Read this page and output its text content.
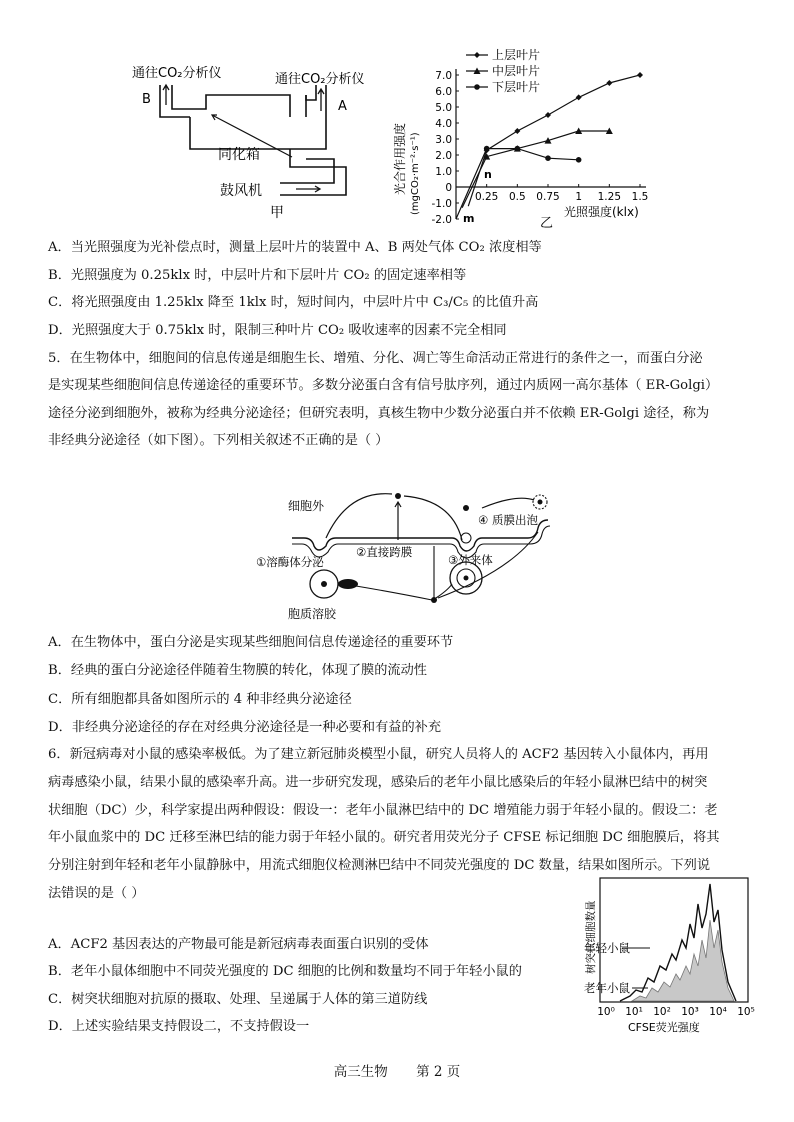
通往CO₂分析仪	通往CO₂分析仪
B	A
同化箱
鼓风机
甲
光合作用强度 (mgCO₂·m⁻²·s⁻¹)
7.0
6.0
5.0
4.0
3.0
2.0
1.0
0
-1.0
-2.0
0.25 0.5 0.75 1 1.25 1.5
上层叶片
中层叶片
下层叶片
m
n
光照强度(klx)
乙
A．当光照强度为光补偿点时，测量上层叶片的装置中 A、B 两处气体 CO₂ 浓度相等
B．光照强度为 0.25klx 时，中层叶片和下层叶片 CO₂ 的固定速率相等
C．将光照强度由 1.25klx 降至 1klx 时，短时间内，中层叶片中 C₃/C₅ 的比值升高
D．光照强度大于 0.75klx 时，限制三种叶片 CO₂ 吸收速率的因素不完全相同
5．在生物体中，细胞间的信息传递是细胞生长、增殖、分化、凋亡等生命活动正常进行的条件之一，而蛋白分泌
是实现某些细胞间信息传递途径的重要环节。多数分泌蛋白含有信号肽序列，通过内质网一高尔基体（ ER-Golgi）
途径分泌到细胞外，被称为经典分泌途径；但研究表明，真核生物中少数分泌蛋白并不依赖 ER-Golgi 途径，称为
非经典分泌途径（如下图）。下列相关叙述不正确的是（ ）
细胞外
①溶酶体分泌
②直接跨膜
③外来体
④ 质膜出泡
胞质溶胶
A．在生物体中，蛋白分泌是实现某些细胞间信息传递途径的重要环节
B．经典的蛋白分泌途径伴随着生物膜的转化，体现了膜的流动性
C．所有细胞都具备如图所示的 4 种非经典分泌途径
D．非经典分泌途径的存在对经典分泌途径是一种必要和有益的补充
6．新冠病毒对小鼠的感染率极低。为了建立新冠肺炎模型小鼠，研究人员将人的 ACF2 基因转入小鼠体内，再用
病毒感染小鼠，结果小鼠的感染率升高。进一步研究发现，感染后的老年小鼠比感染后的年轻小鼠淋巴结中的树突
状细胞（DC）少，科学家提出两种假设：假设一：老年小鼠淋巴结中的 DC 增殖能力弱于年轻小鼠的。假设二：老
年小鼠血浆中的 DC 迁移至淋巴结的能力弱于年轻小鼠的。研究者用荧光分子 CFSE 标记细胞 DC 细胞膜后，将其
分别注射到年轻和老年小鼠静脉中，用流式细胞仪检测淋巴结中不同荧光强度的 DC 数量，结果如图所示。下列说
法错误的是（ ）
A．ACF2 基因表达的产物最可能是新冠病毒表面蛋白识别的受体
B．老年小鼠体细胞中不同荧光强度的 DC 细胞的比例和数量均不同于年轻小鼠的
C．树突状细胞对抗原的摄取、处理、呈递属于人体的第三道防线
D．上述实验结果支持假设二，不支持假设一
树突状细胞数量
年轻小鼠
老年小鼠
10⁰ 10¹ 10² 10³ 10⁴ 10⁵
CFSE荧光强度
高三生物 第 2 页
